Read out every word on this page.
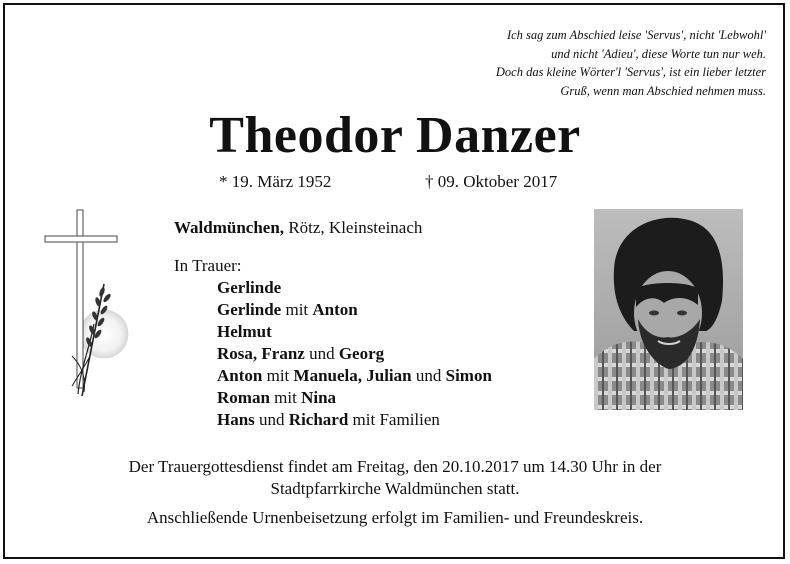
Ich sag zum Abschied leise 'Servus', nicht 'Lebwohl'
und nicht 'Adieu', diese Worte tun nur weh.
Doch das kleine Wörter'l 'Servus', ist ein lieber letzter
Gruß, wenn man Abschied nehmen muss.
Theodor Danzer
* 19. März 1952	† 09. Oktober 2017
Waldmünchen, Rötz, Kleinsteinach
In Trauer:
Gerlinde
Gerlinde mit Anton
Helmut
Rosa, Franz und Georg
Anton mit Manuela, Julian und Simon
Roman mit Nina
Hans und Richard mit Familien
Der Trauergottesdienst findet am Freitag, den 20.10.2017 um 14.30 Uhr in der
Stadtpfarrkirche Waldmünchen statt.
Anschließende Urnenbeisetzung erfolgt im Familien- und Freundeskreis.
